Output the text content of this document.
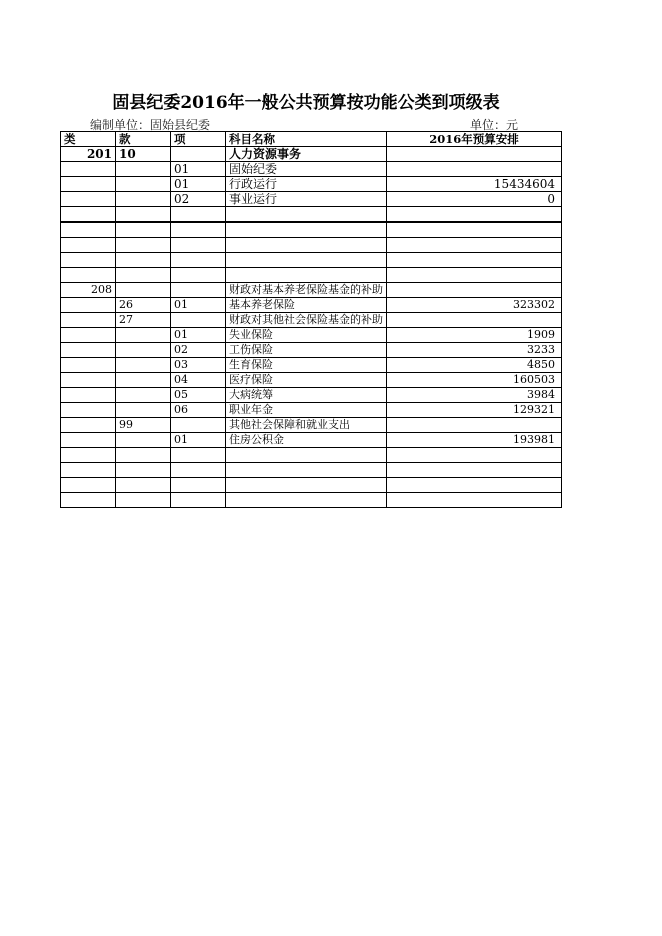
固县纪委2016年一般公共预算按功能公类到项级表
编制单位：固始县纪委	单位：元
类	款	项	科目名称	2016年预算安排
201	10		人力资源事务	
		01	固始纪委	
		01	行政运行	15434604
		02	事业运行	0

208			财政对基本养老保险基金的补助	
	26	01	基本养老保险	323302
	27		财政对其他社会保险基金的补助	
		01	失业保险	1909
		02	工伤保险	3233
		03	生育保险	4850
		04	医疗保险	160503
		05	大病统筹	3984
		06	职业年金	129321
	99		其他社会保障和就业支出	
		01	住房公积金	193981
